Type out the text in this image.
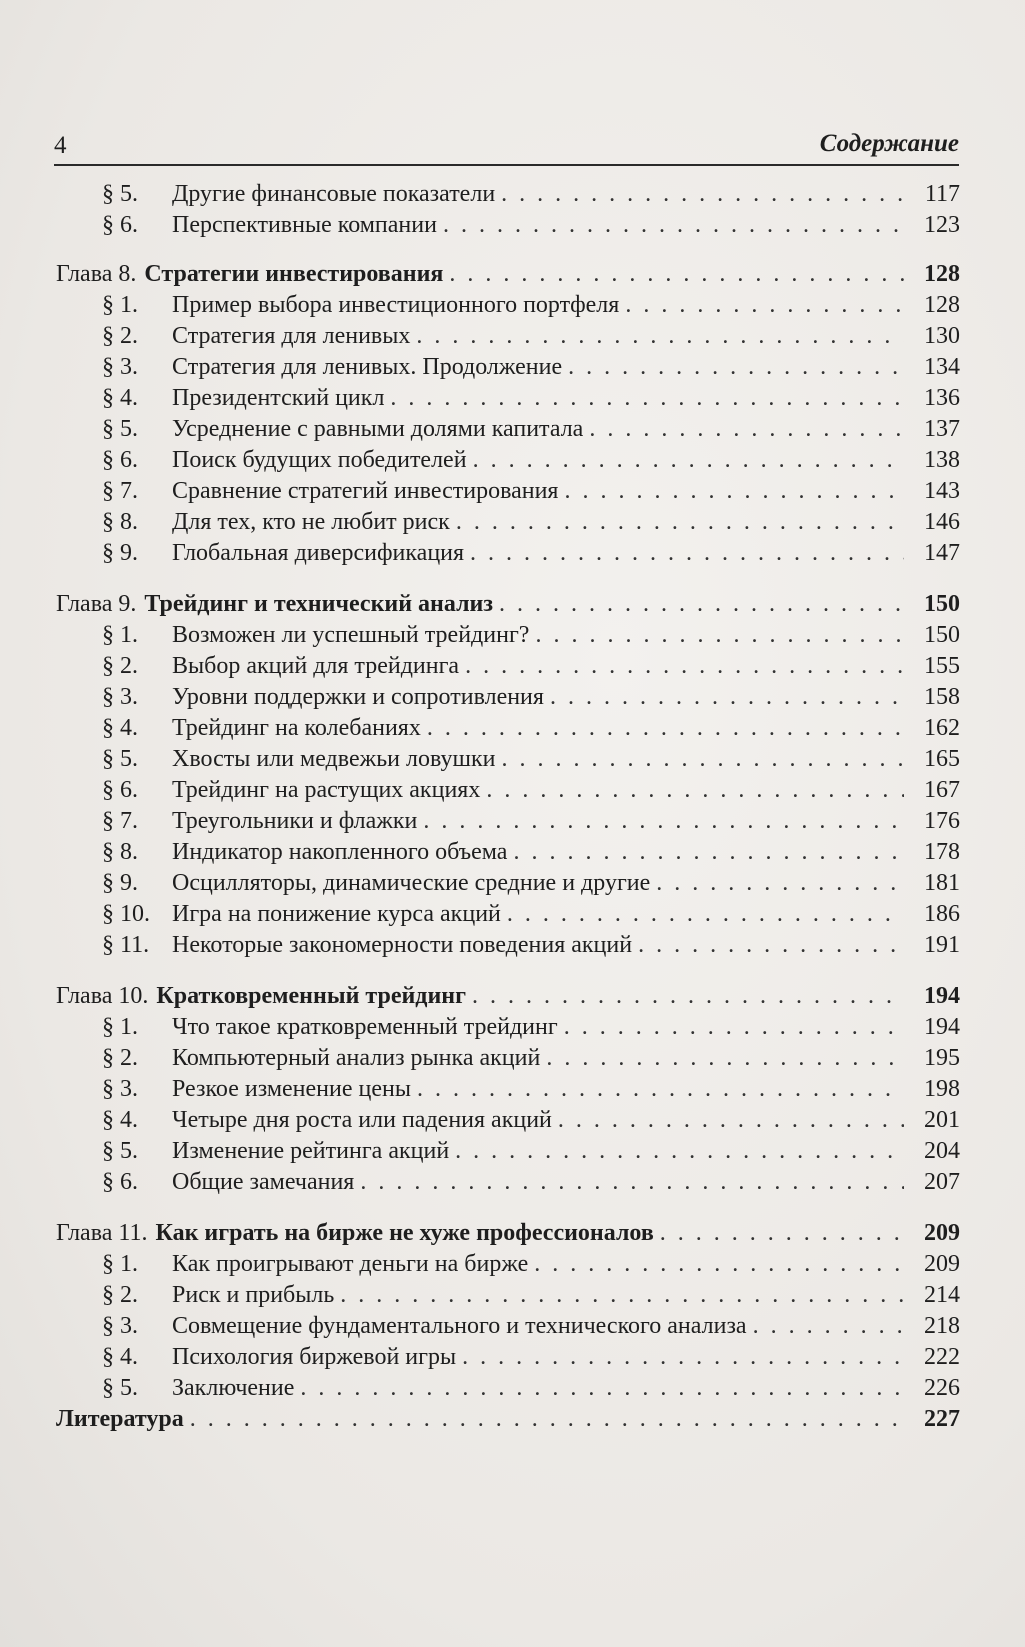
4	Содержание
§ 5.	Другие финансовые показатели . . .	117
§ 6.	Перспективные компании . . .	123
Глава 8. Стратегии инвестирования . . .	128
§ 1.	Пример выбора инвестиционного портфеля . . .	128
§ 2.	Стратегия для ленивых . . .	130
§ 3.	Стратегия для ленивых. Продолжение . . .	134
§ 4.	Президентский цикл . . .	136
§ 5.	Усреднение с равными долями капитала . . .	137
§ 6.	Поиск будущих победителей . . .	138
§ 7.	Сравнение стратегий инвестирования . . .	143
§ 8.	Для тех, кто не любит риск . . .	146
§ 9.	Глобальная диверсификация . . .	147
Глава 9. Трейдинг и технический анализ . . .	150
§ 1.	Возможен ли успешный трейдинг? . . .	150
§ 2.	Выбор акций для трейдинга . . .	155
§ 3.	Уровни поддержки и сопротивления . . .	158
§ 4.	Трейдинг на колебаниях . . .	162
§ 5.	Хвосты или медвежьи ловушки . . .	165
§ 6.	Трейдинг на растущих акциях . . .	167
§ 7.	Треугольники и флажки . . .	176
§ 8.	Индикатор накопленного объема . . .	178
§ 9.	Осцилляторы, динамические средние и другие . . .	181
§ 10. Игра на понижение курса акций . . .	186
§ 11. Некоторые закономерности поведения акций . . .	191
Глава 10. Кратковременный трейдинг . . .	194
§ 1.	Что такое кратковременный трейдинг . . .	194
§ 2.	Компьютерный анализ рынка акций . . .	195
§ 3.	Резкое изменение цены . . .	198
§ 4.	Четыре дня роста или падения акций . . .	201
§ 5.	Изменение рейтинга акций . . .	204
§ 6.	Общие замечания . . .	207
Глава 11. Как играть на бирже не хуже профессионалов . . .	209
§ 1.	Как проигрывают деньги на бирже . . .	209
§ 2.	Риск и прибыль . . .	214
§ 3.	Совмещение фундаментального и технического анализа . . .	218
§ 4.	Психология биржевой игры . . .	222
§ 5.	Заключение . . .	226
Литература . . .	227
